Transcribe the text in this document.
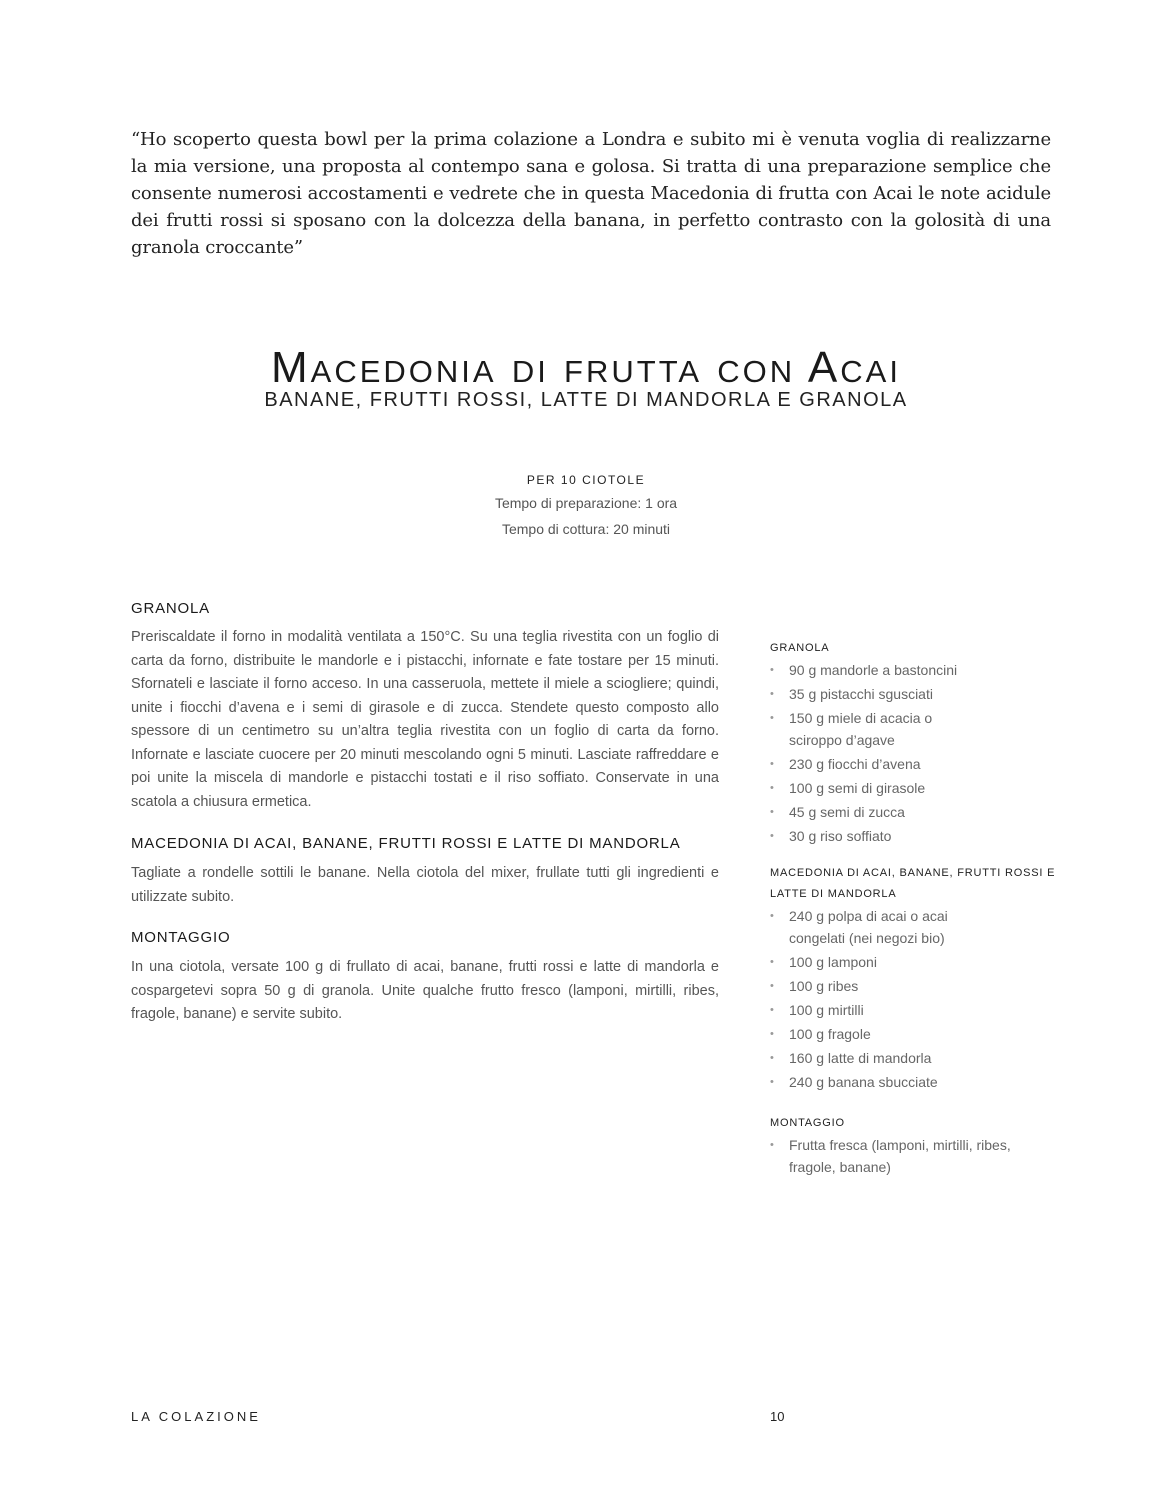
“Ho scoperto questa bowl per la prima colazione a Londra e subito mi è venuta voglia di realizzarne la mia versione, una proposta al contempo sana e golosa. Si tratta di una preparazione semplice che consente numerosi accostamenti e vedrete che in questa Macedonia di frutta con Acai le note acidule dei frutti rossi si sposano con la dolcezza della banana, in perfetto contrasto con la golosità di una granola croccante”
Macedonia di frutta con Acai
BANANE, FRUTTI ROSSI, LATTE DI MANDORLA E GRANOLA
PER 10 CIOTOLE
Tempo di preparazione: 1 ora
Tempo di cottura: 20 minuti
GRANOLA

Preriscaldate il forno in modalità ventilata a 150°C. Su una teglia rivestita con un foglio di carta da forno, distribuite le mandorle e i pistacchi, infornate e fate tostare per 15 minuti. Sfornateli e lasciate il forno acceso. In una casseruola, mettete il miele a sciogliere; quindi, unite i fiocchi d’avena e i semi di girasole e di zucca. Stendete questo composto allo spessore di un centimetro su un’altra teglia rivestita con un foglio di carta da forno. Infornate e lasciate cuocere per 20 minuti mescolando ogni 5 minuti. Lasciate raffreddare e poi unite la miscela di mandorle e pistacchi tostati e il riso soffiato. Conservate in una scatola a chiusura ermetica.

MACEDONIA DI ACAI, BANANE, FRUTTI ROSSI E LATTE DI MANDORLA

Tagliate a rondelle sottili le banane. Nella ciotola del mixer, frullate tutti gli ingredienti e utilizzate subito.

MONTAGGIO

In una ciotola, versate 100 g di frullato di acai, banane, frutti rossi e latte di mandorla e cospargetevi sopra 50 g di granola. Unite qualche frutto fresco (lamponi, mirtilli, ribes, fragole, banane) e servite subito.

GRANOLA
• 90 g mandorle a bastoncini
• 35 g pistacchi sgusciati
• 150 g miele di acacia o sciroppo d’agave
• 230 g fiocchi d’avena
• 100 g semi di girasole
• 45 g semi di zucca
• 30 g riso soffiato
MACEDONIA DI ACAI, BANANE, FRUTTI ROSSI E LATTE DI MANDORLA
• 240 g polpa di acai o acai congelati (nei negozi bio)
• 100 g lamponi
• 100 g ribes
• 100 g mirtilli
• 100 g fragole
• 160 g latte di mandorla
• 240 g banana sbucciate
MONTAGGIO
• Frutta fresca (lamponi, mirtilli, ribes, fragole, banane)
LA COLAZIONE	10
